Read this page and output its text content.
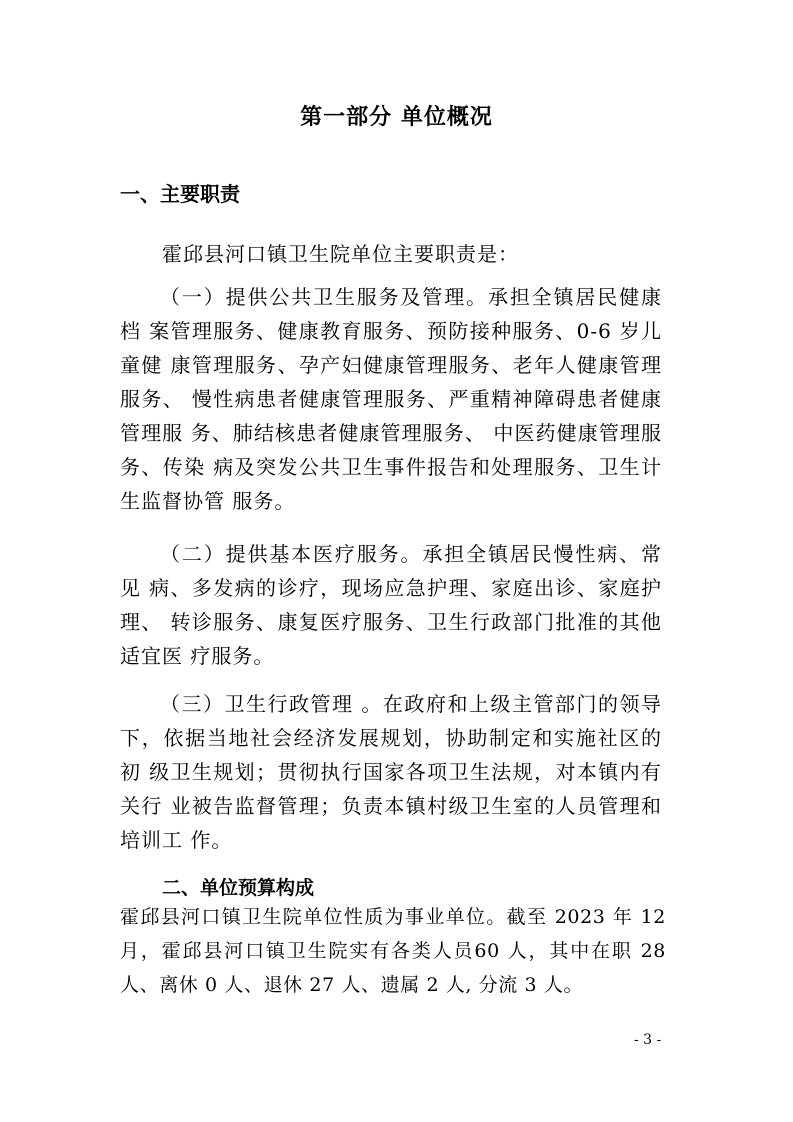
第一部分 单位概况
一、主要职责
霍邱县河口镇卫生院单位主要职责是：

（一）提供公共卫生服务及管理。承担全镇居民健康档 案管理服务、健康教育服务、预防接种服务、0-6 岁儿童健 康管理服务、孕产妇健康管理服务、老年人健康管理服务、 慢性病患者健康管理服务、严重精神障碍患者健康管理服 务、肺结核患者健康管理服务、 中医药健康管理服务、传染 病及突发公共卫生事件报告和处理服务、卫生计生监督协管 服务。

（二）提供基本医疗服务。承担全镇居民慢性病、常见 病、多发病的诊疗，现场应急护理、家庭出诊、家庭护理、 转诊服务、康复医疗服务、卫生行政部门批准的其他适宜医 疗服务。

（三）卫生行政管理 。在政府和上级主管部门的领导 下，依据当地社会经济发展规划，协助制定和实施社区的初 级卫生规划；贯彻执行国家各项卫生法规，对本镇内有关行 业被告监督管理；负责本镇村级卫生室的人员管理和培训工 作。

二、单位预算构成

霍邱县河口镇卫生院单位性质为事业单位。截至 2023 年 12 月，霍邱县河口镇卫生院实有各类人员60 人，其中在职 28 人、离休 0 人、退休 27 人、遗属 2 人, 分流 3 人。

- 3 -
